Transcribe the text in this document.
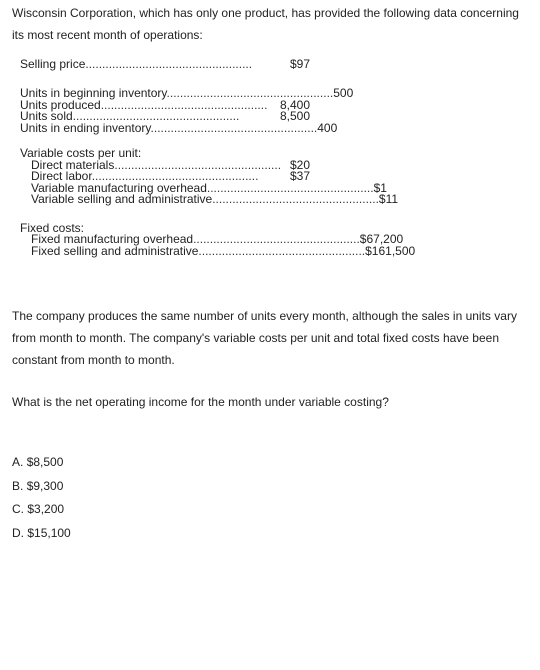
Wisconsin Corporation, which has only one product, has provided the following data concerning its most recent month of operations:

Selling price..................................................	$97
Units in beginning inventory.................................................. 500
Units produced..................................................	8,400
Units sold..................................................	8,500
Units in ending inventory.................................................. 400
Variable costs per unit:
Direct materials.................................................. $20
Direct labor..................................................	$37
Variable manufacturing overhead.................................................. $1
Variable selling and administrative.................................................. $11
Fixed costs:
Fixed manufacturing overhead.................................................. $67,200
Fixed selling and administrative.................................................. $161,500

The company produces the same number of units every month, although the sales in units vary from month to month. The company's variable costs per unit and total fixed costs have been constant from month to month.

What is the net operating income for the month under variable costing?

A. $8,500
B. $9,300
C. $3,200
D. $15,100
